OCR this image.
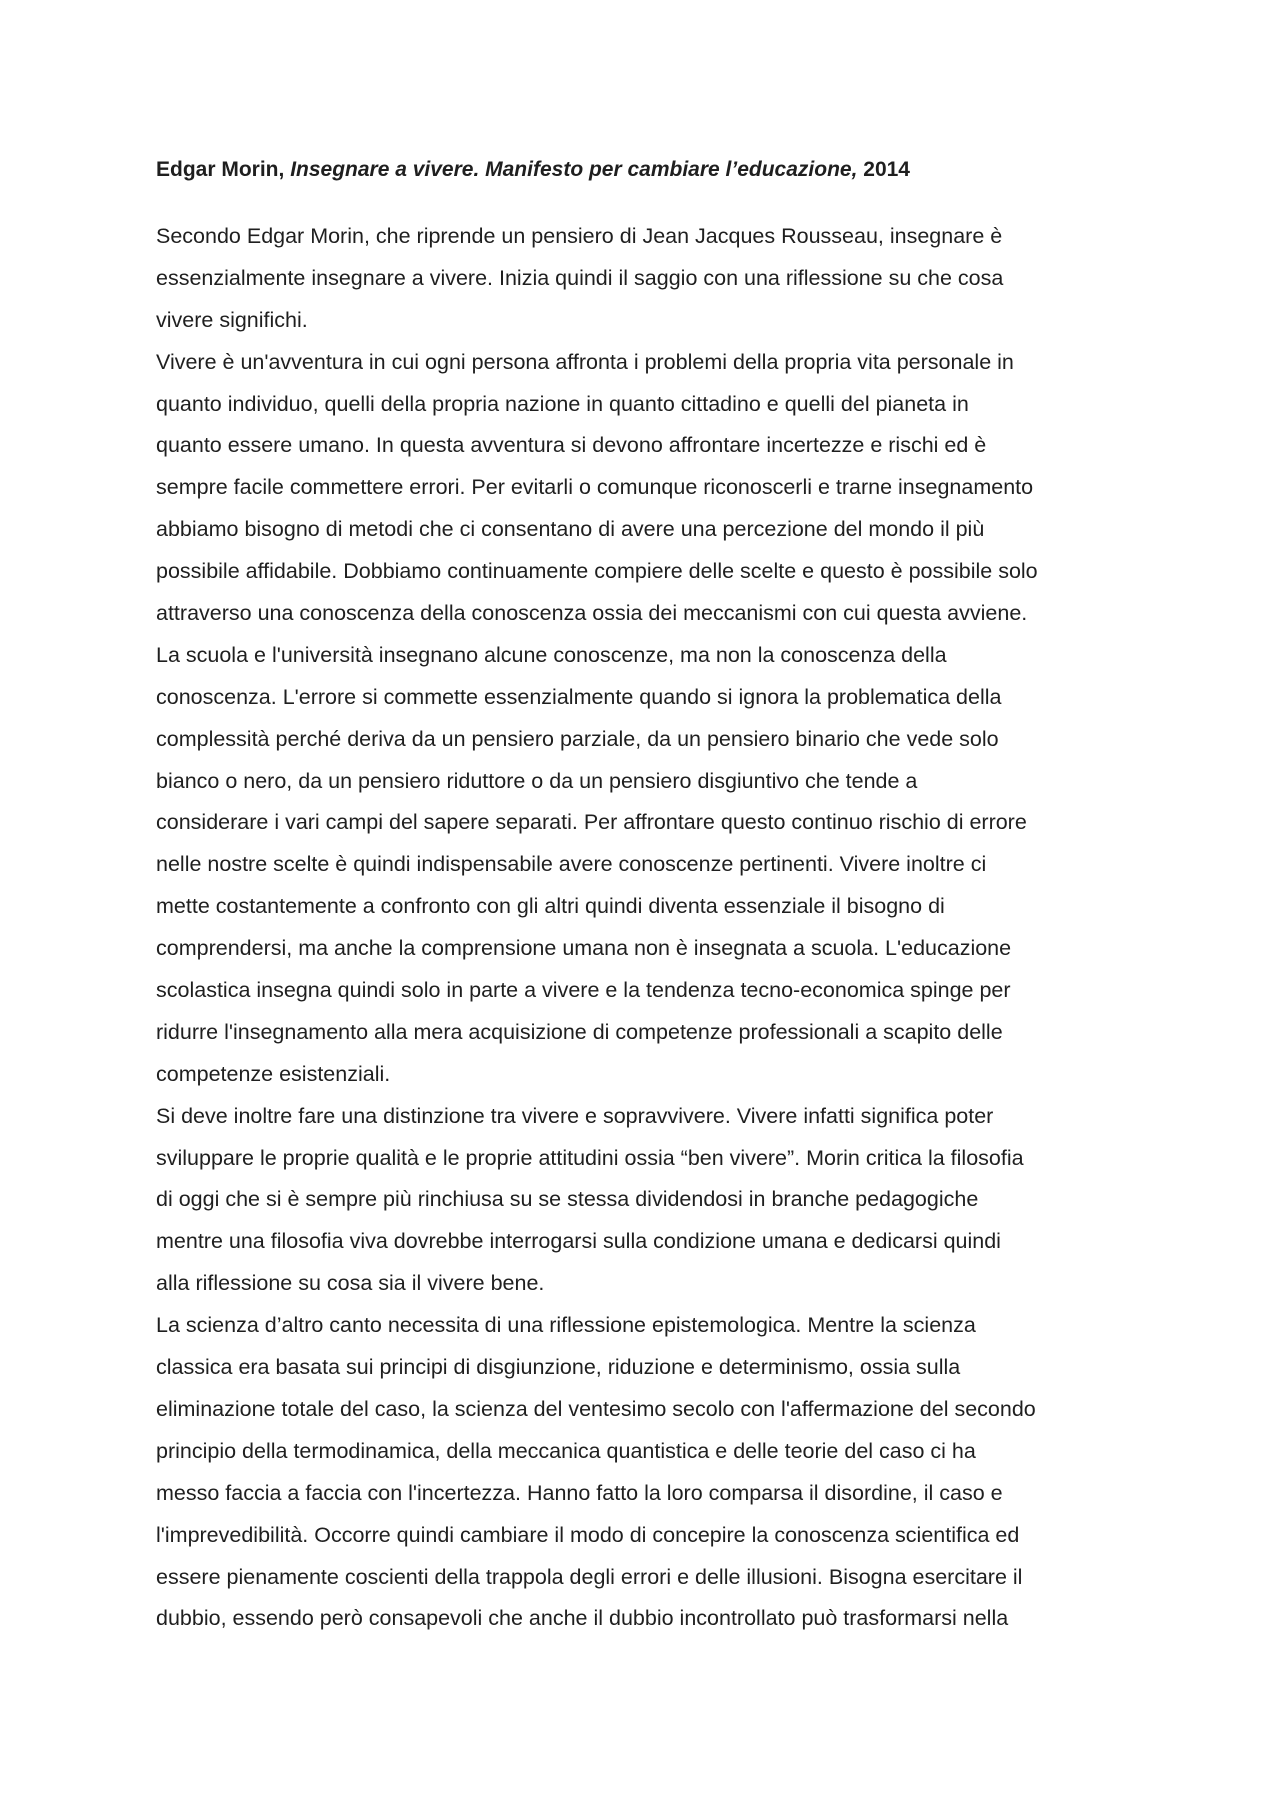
Edgar Morin, Insegnare a vivere. Manifesto per cambiare l’educazione, 2014
Secondo Edgar Morin, che riprende un pensiero di Jean Jacques Rousseau, insegnare è
essenzialmente insegnare a vivere. Inizia quindi il saggio con una riflessione su che cosa
vivere significhi.
Vivere è un'avventura in cui ogni persona affronta i problemi della propria vita personale in
quanto individuo, quelli della propria nazione in quanto cittadino e quelli del pianeta in
quanto essere umano. In questa avventura si devono affrontare incertezze e rischi ed è
sempre facile commettere errori. Per evitarli o comunque riconoscerli e trarne insegnamento
abbiamo bisogno di metodi che ci consentano di avere una percezione del mondo il più
possibile affidabile. Dobbiamo continuamente compiere delle scelte e questo è possibile solo
attraverso una conoscenza della conoscenza ossia dei meccanismi con cui questa avviene.
La scuola e l'università insegnano alcune conoscenze, ma non la conoscenza della
conoscenza. L'errore si commette essenzialmente quando si ignora la problematica della
complessità perché deriva da un pensiero parziale, da un pensiero binario che vede solo
bianco o nero, da un pensiero riduttore o da un pensiero disgiuntivo che tende a
considerare i vari campi del sapere separati. Per affrontare questo continuo rischio di errore
nelle nostre scelte è quindi indispensabile avere conoscenze pertinenti. Vivere inoltre ci
mette costantemente a confronto con gli altri quindi diventa essenziale il bisogno di
comprendersi, ma anche la comprensione umana non è insegnata a scuola. L'educazione
scolastica insegna quindi solo in parte a vivere e la tendenza tecno-economica spinge per
ridurre l'insegnamento alla mera acquisizione di competenze professionali a scapito delle
competenze esistenziali.
Si deve inoltre fare una distinzione tra vivere e sopravvivere. Vivere infatti significa poter
sviluppare le proprie qualità e le proprie attitudini ossia “ben vivere”. Morin critica la filosofia
di oggi che si è sempre più rinchiusa su se stessa dividendosi in branche pedagogiche
mentre una filosofia viva dovrebbe interrogarsi sulla condizione umana e dedicarsi quindi
alla riflessione su cosa sia il vivere bene.
La scienza d’altro canto necessita di una riflessione epistemologica. Mentre la scienza
classica era basata sui principi di disgiunzione, riduzione e determinismo, ossia sulla
eliminazione totale del caso, la scienza del ventesimo secolo con l'affermazione del secondo
principio della termodinamica, della meccanica quantistica e delle teorie del caso ci ha
messo faccia a faccia con l'incertezza. Hanno fatto la loro comparsa il disordine, il caso e
l'imprevedibilità. Occorre quindi cambiare il modo di concepire la conoscenza scientifica ed
essere pienamente coscienti della trappola degli errori e delle illusioni. Bisogna esercitare il
dubbio, essendo però consapevoli che anche il dubbio incontrollato può trasformarsi nella
